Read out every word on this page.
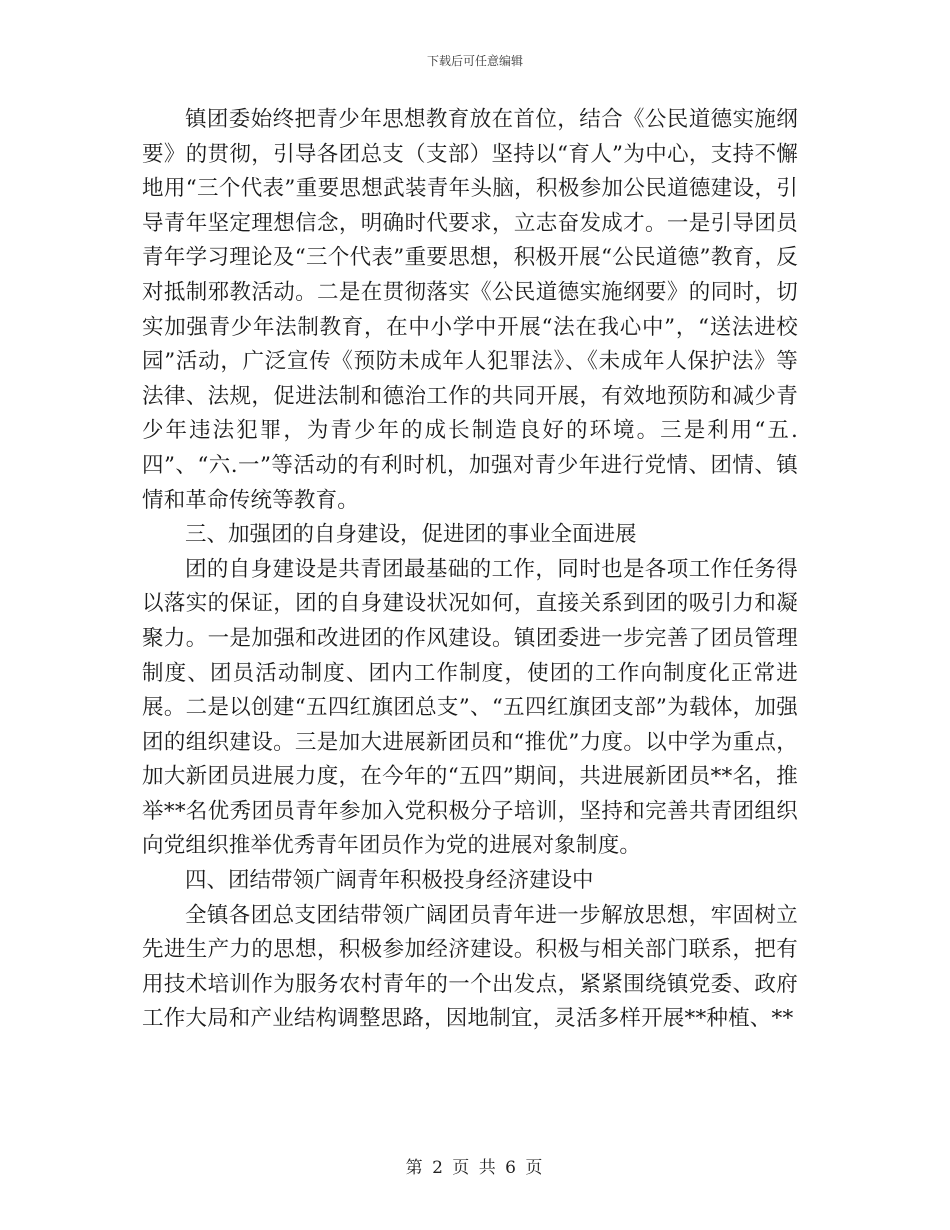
下载后可任意编辑

镇团委始终把青少年思想教育放在首位，结合《公民道德实施纲要》的贯彻，引导各团总支（支部）坚持以“育人”为中心，支持不懈地用“三个代表”重要思想武装青年头脑，积极参加公民道德建设，引导青年坚定理想信念，明确时代要求，立志奋发成才。一是引导团员青年学习理论及“三个代表”重要思想，积极开展“公民道德”教育，反对抵制邪教活动。二是在贯彻落实《公民道德实施纲要》的同时，切实加强青少年法制教育，在中小学中开展“法在我心中”，“送法进校园”活动，广泛宣传《预防未成年人犯罪法》、《未成年人保护法》等法律、法规，促进法制和德治工作的共同开展，有效地预防和减少青少年违法犯罪，为青少年的成长制造良好的环境。三是利用“五.四”、“六.一”等活动的有利时机，加强对青少年进行党情、团情、镇情和革命传统等教育。

三、加强团的自身建设，促进团的事业全面进展

团的自身建设是共青团最基础的工作，同时也是各项工作任务得以落实的保证，团的自身建设状况如何，直接关系到团的吸引力和凝聚力。一是加强和改进团的作风建设。镇团委进一步完善了团员管理制度、团员活动制度、团内工作制度，使团的工作向制度化正常进展。二是以创建“五四红旗团总支”、“五四红旗团支部”为载体，加强团的组织建设。三是加大进展新团员和“推优”力度。以中学为重点，加大新团员进展力度，在今年的“五四”期间，共进展新团员**名，推举**名优秀团员青年参加入党积极分子培训，坚持和完善共青团组织向党组织推举优秀青年团员作为党的进展对象制度。

四、团结带领广阔青年积极投身经济建设中

全镇各团总支团结带领广阔团员青年进一步解放思想，牢固树立先进生产力的思想，积极参加经济建设。积极与相关部门联系，把有用技术培训作为服务农村青年的一个出发点，紧紧围绕镇党委、政府工作大局和产业结构调整思路，因地制宜，灵活多样开展**种植、**

第 2 页 共 6 页
